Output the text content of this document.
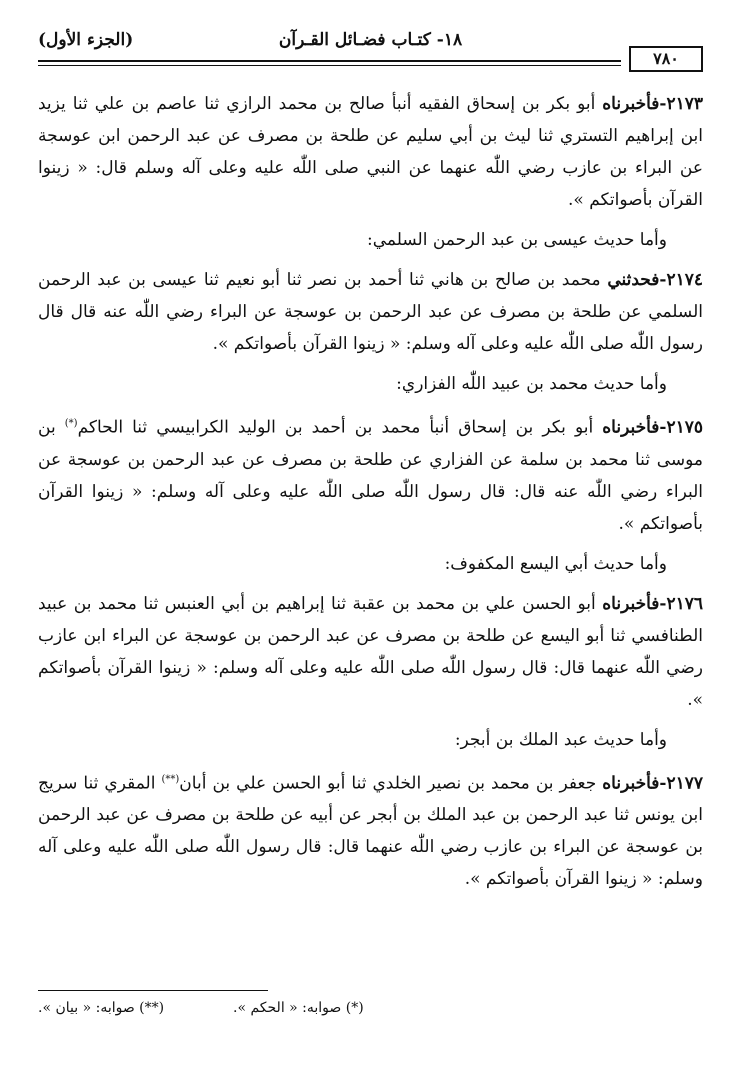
١٨- كتـاب فضـائل القـرآن
(الجزء الأول)
٧٨٠

٢١٧٣-فأخبرناه أبو بكر بن إسحاق الفقيه أنبأ صالح بن محمد الرازي ثنا عاصم بن علي ثنا يزيد ابن إبراهيم التستري ثنا ليث بن أبي سليم عن طلحة بن مصرف عن عبد الرحمن ابن عوسجة عن البراء بن عازب رضي اللّٰه عنهما عن النبي صلى اللّٰه عليه وعلى آله وسلم قال: « زينوا القرآن بأصواتكم ».

وأما حديث عيسى بن عبد الرحمن السلمي:

٢١٧٤-فحدثني محمد بن صالح بن هاني ثنا أحمد بن نصر ثنا أبو نعيم ثنا عيسى بن عبد الرحمن السلمي عن طلحة بن مصرف عن عبد الرحمن بن عوسجة عن البراء رضي اللّٰه عنه قال قال رسول اللّٰه صلى اللّٰه عليه وعلى آله وسلم: « زينوا القرآن بأصواتكم ».

وأما حديث محمد بن عبيد اللّٰه الفزاري:

٢١٧٥-فأخبرناه أبو بكر بن إسحاق أنبأ محمد بن أحمد بن الوليد الكرابيسي ثنا الحاكم(*) بن موسى ثنا محمد بن سلمة عن الفزاري عن طلحة بن مصرف عن عبد الرحمن بن عوسجة عن البراء رضي اللّٰه عنه قال: قال رسول اللّٰه صلى اللّٰه عليه وعلى آله وسلم: « زينوا القرآن بأصواتكم ».

وأما حديث أبي اليسع المكفوف:

٢١٧٦-فأخبرناه أبو الحسن علي بن محمد بن عقبة ثنا إبراهيم بن أبي العنبس ثنا محمد بن عبيد الطنافسي ثنا أبو اليسع عن طلحة بن مصرف عن عبد الرحمن بن عوسجة عن البراء ابن عازب رضي اللّٰه عنهما قال: قال رسول اللّٰه صلى اللّٰه عليه وعلى آله وسلم: « زينوا القرآن بأصواتكم ».

وأما حديث عبد الملك بن أبجر:

٢١٧٧-فأخبرناه جعفر بن محمد بن نصير الخلدي ثنا أبو الحسن علي بن أبان(**) المقري ثنا سريج ابن يونس ثنا عبد الرحمن بن عبد الملك بن أبجر عن أبيه عن طلحة بن مصرف عن عبد الرحمن بن عوسجة عن البراء بن عازب رضي اللّٰه عنهما قال: قال رسول اللّٰه صلى اللّٰه عليه وعلى آله وسلم: « زينوا القرآن بأصواتكم ».

(*) صوابه: « الحكم ».
(**) صوابه: « بيان ».
